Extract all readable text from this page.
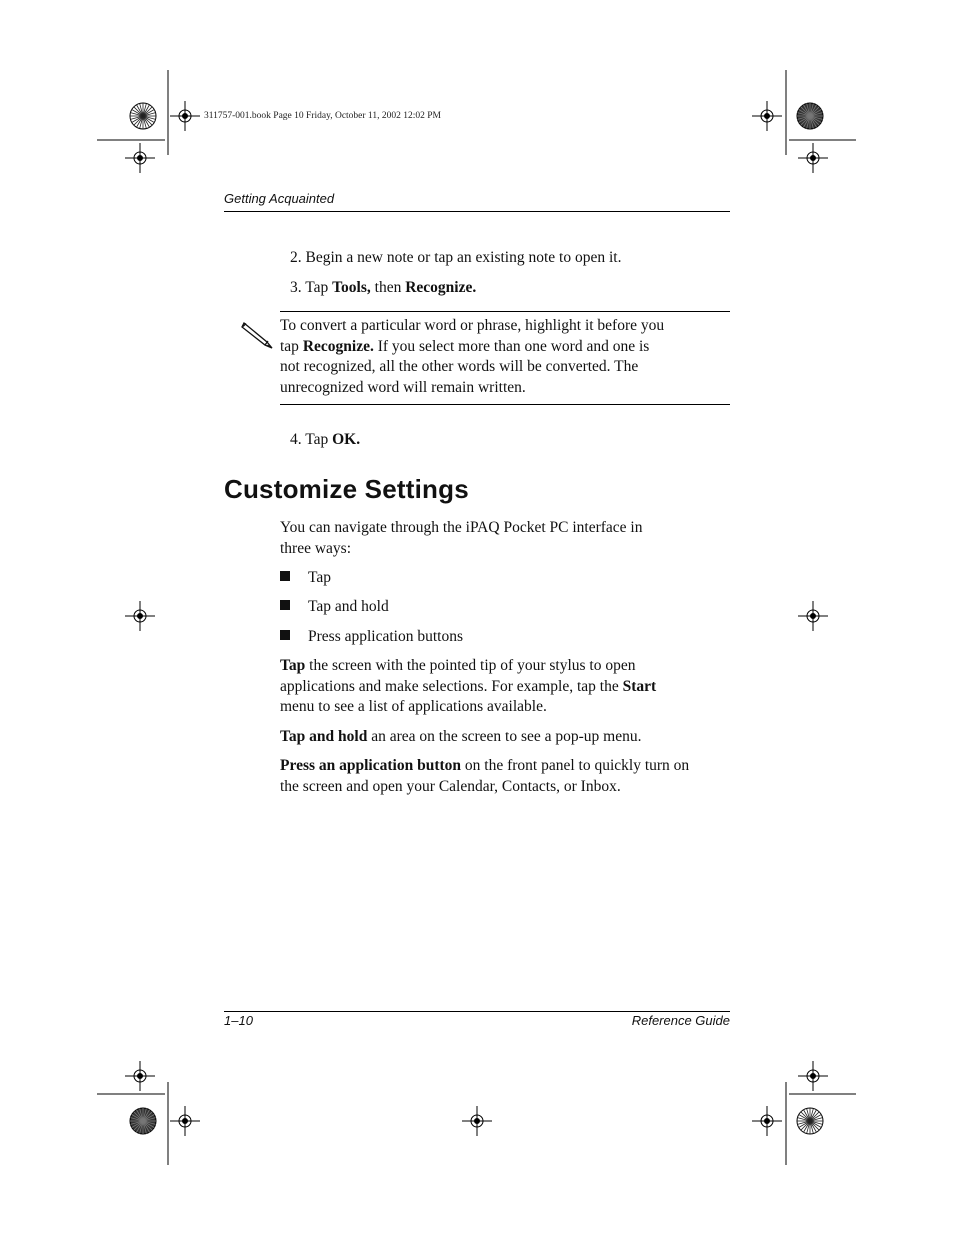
311757-001.book Page 10 Friday, October 11, 2002 12:02 PM
Getting Acquainted
2. Begin a new note or tap an existing note to open it.
3. Tap Tools, then Recognize.
To convert a particular word or phrase, highlight it before you
tap Recognize. If you select more than one word and one is
not recognized, all the other words will be converted. The
unrecognized word will remain written.
4. Tap OK.
Customize Settings
You can navigate through the iPAQ Pocket PC interface in
three ways:
Tap
Tap and hold
Press application buttons
Tap the screen with the pointed tip of your stylus to open
applications and make selections. For example, tap the Start
menu to see a list of applications available.
Tap and hold an area on the screen to see a pop-up menu.
Press an application button on the front panel to quickly turn on
the screen and open your Calendar, Contacts, or Inbox.
1–10	Reference Guide
